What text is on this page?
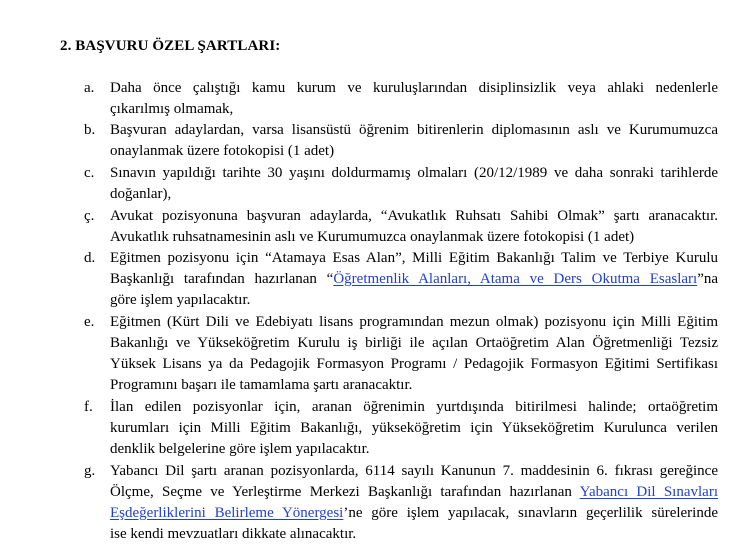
2. BAŞVURU ÖZEL ŞARTLARI:
a. Daha önce çalıştığı kamu kurum ve kuruluşlarından disiplinsizlik veya ahlaki nedenlerle
çıkarılmış olmamak,
b. Başvuran adaylardan, varsa lisansüstü öğrenim bitirenlerin diplomasının aslı ve Kurumumuzca
onaylanmak üzere fotokopisi (1 adet)
c. Sınavın yapıldığı tarihte 30 yaşını doldurmamış olmaları (20/12/1989 ve daha sonraki tarihlerde
doğanlar),
ç. Avukat pozisyonuna başvuran adaylarda, “Avukatlık Ruhsatı Sahibi Olmak” şartı aranacaktır.
Avukatlık ruhsatnamesinin aslı ve Kurumumuzca onaylanmak üzere fotokopisi (1 adet)
d. Eğitmen pozisyonu için “Atamaya Esas Alan”, Milli Eğitim Bakanlığı Talim ve Terbiye Kurulu
Başkanlığı tarafından hazırlanan “Öğretmenlik Alanları, Atama ve Ders Okutma Esasları”na
göre işlem yapılacaktır.
e. Eğitmen (Kürt Dili ve Edebiyatı lisans programından mezun olmak) pozisyonu için Milli Eğitim
Bakanlığı ve Yükseköğretim Kurulu iş birliği ile açılan Ortaöğretim Alan Öğretmenliği Tezsiz
Yüksek Lisans ya da Pedagojik Formasyon Programı / Pedagojik Formasyon Eğitimi Sertifikası
Programını başarı ile tamamlama şartı aranacaktır.
f. İlan edilen pozisyonlar için, aranan öğrenimin yurtdışında bitirilmesi halinde; ortaöğretim
kurumları için Milli Eğitim Bakanlığı, yükseköğretim için Yükseköğretim Kurulunca verilen
denklik belgelerine göre işlem yapılacaktır.
g. Yabancı Dil şartı aranan pozisyonlarda, 6114 sayılı Kanunun 7. maddesinin 6. fıkrası gereğince
Ölçme, Seçme ve Yerleştirme Merkezi Başkanlığı tarafından hazırlanan Yabancı Dil Sınavları
Eşdeğerliklerini Belirleme Yönergesi’ne göre işlem yapılacak, sınavların geçerlilik sürelerinde
ise kendi mevzuatları dikkate alınacaktır.
